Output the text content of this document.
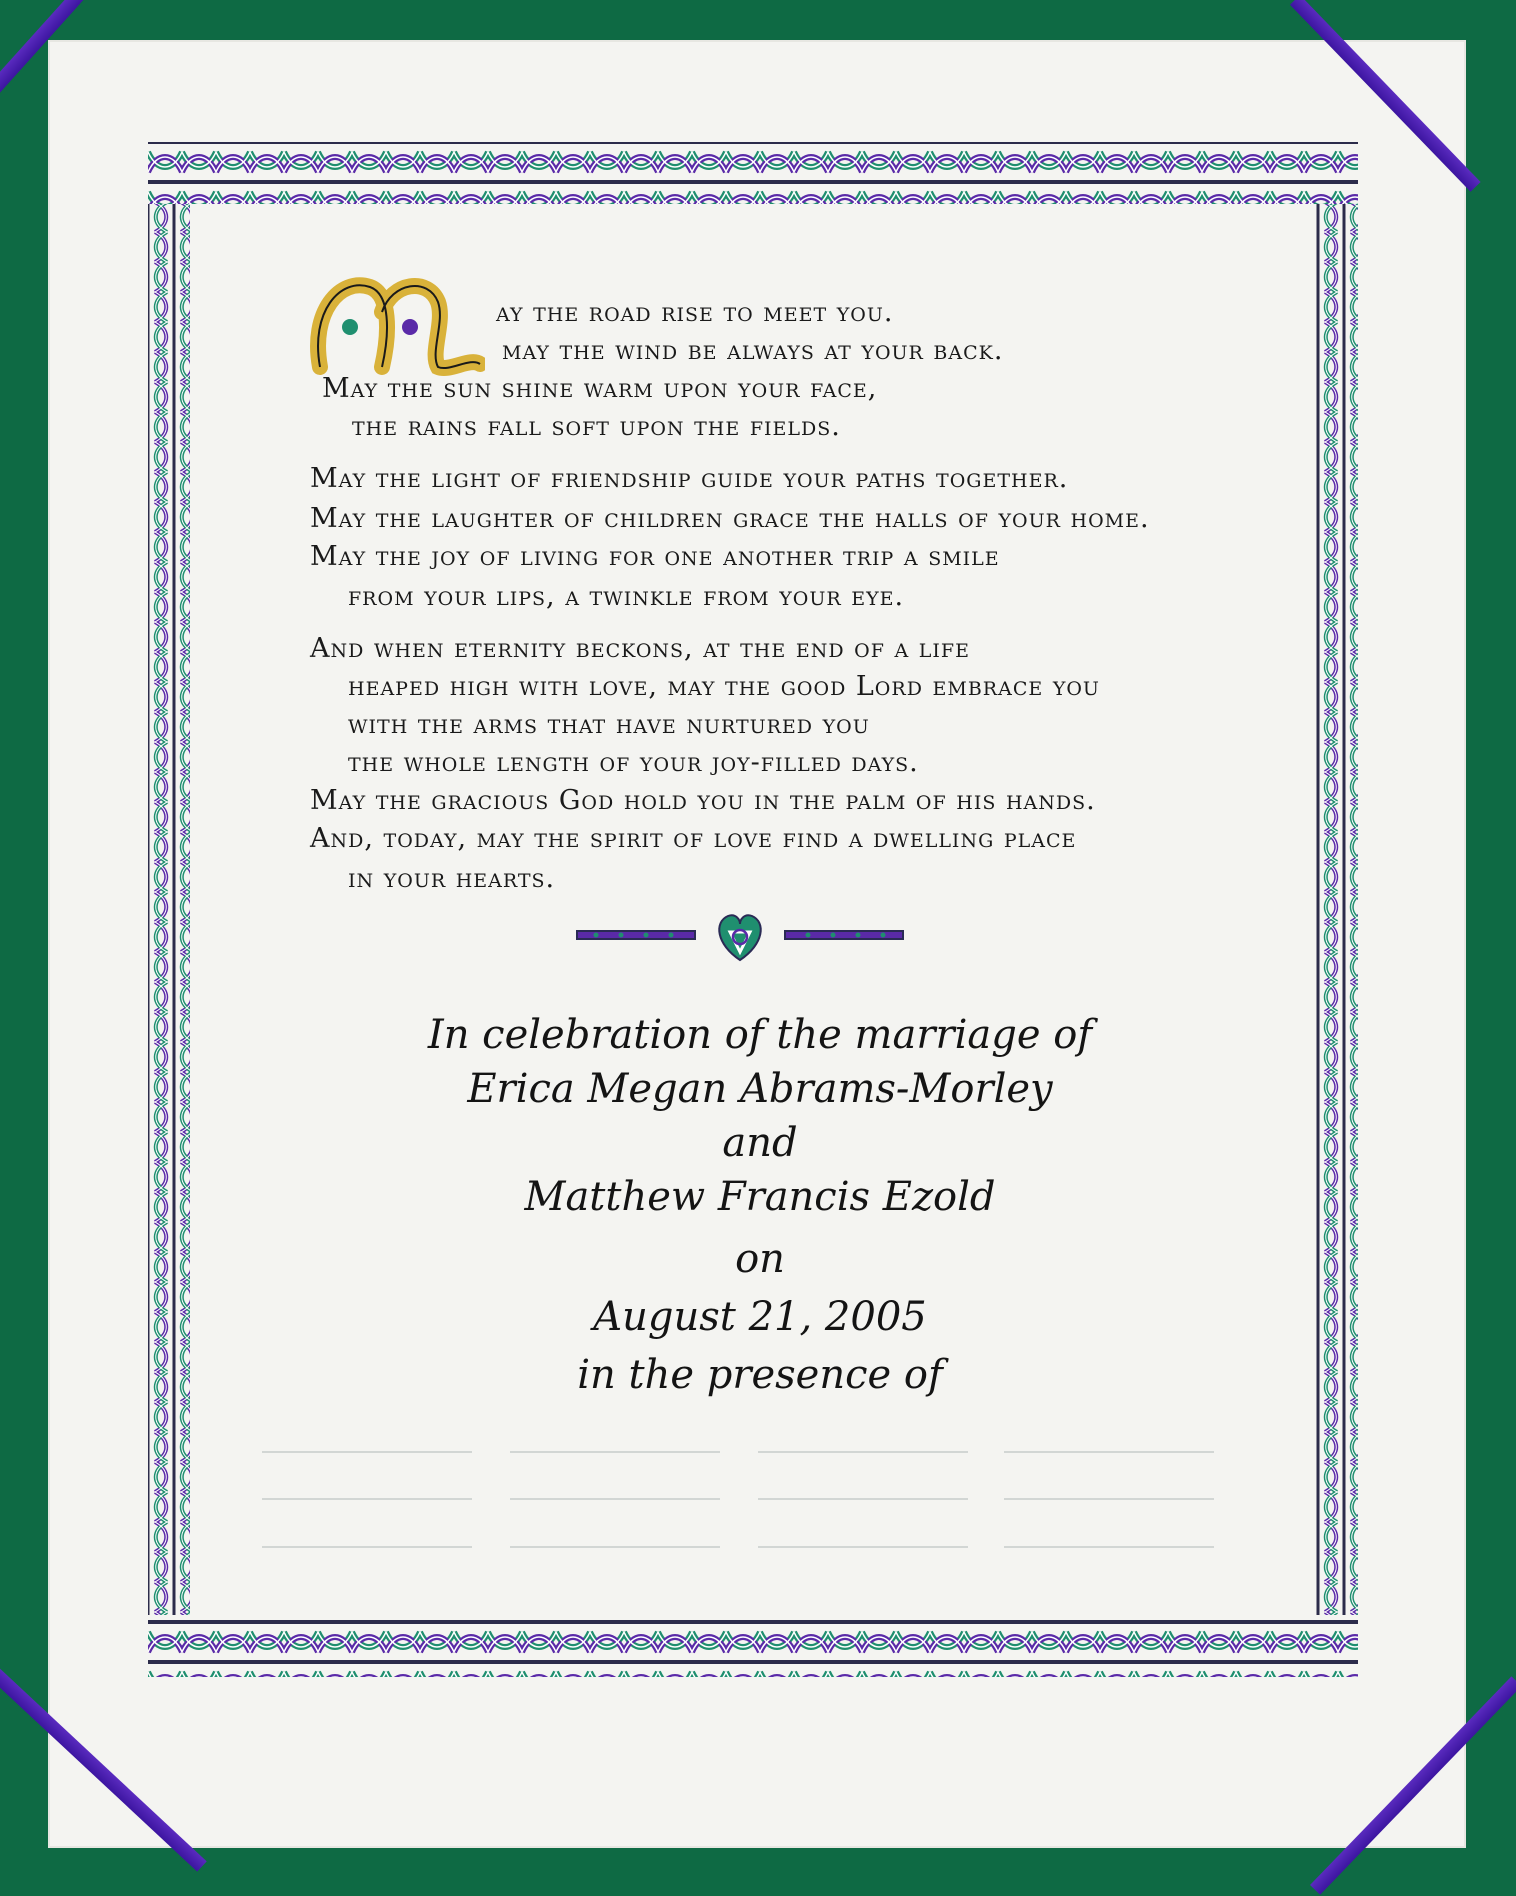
ay the road rise to meet you.
may the wind be always at your back.
May the sun shine warm upon your face,
the rains fall soft upon the fields.
May the light of friendship guide your paths together.
May the laughter of children grace the halls of your home.
May the joy of living for one another trip a smile
from your lips, a twinkle from your eye.
And when eternity beckons, at the end of a life
heaped high with love, may the good Lord embrace you
with the arms that have nurtured you
the whole length of your joy-filled days.
May the gracious God hold you in the palm of his hands.
And, today, may the spirit of love find a dwelling place
in your hearts.
In celebration of the marriage of
Erica Megan Abrams-Morley
and
Matthew Francis Ezold
on
August 21, 2005
in the presence of
